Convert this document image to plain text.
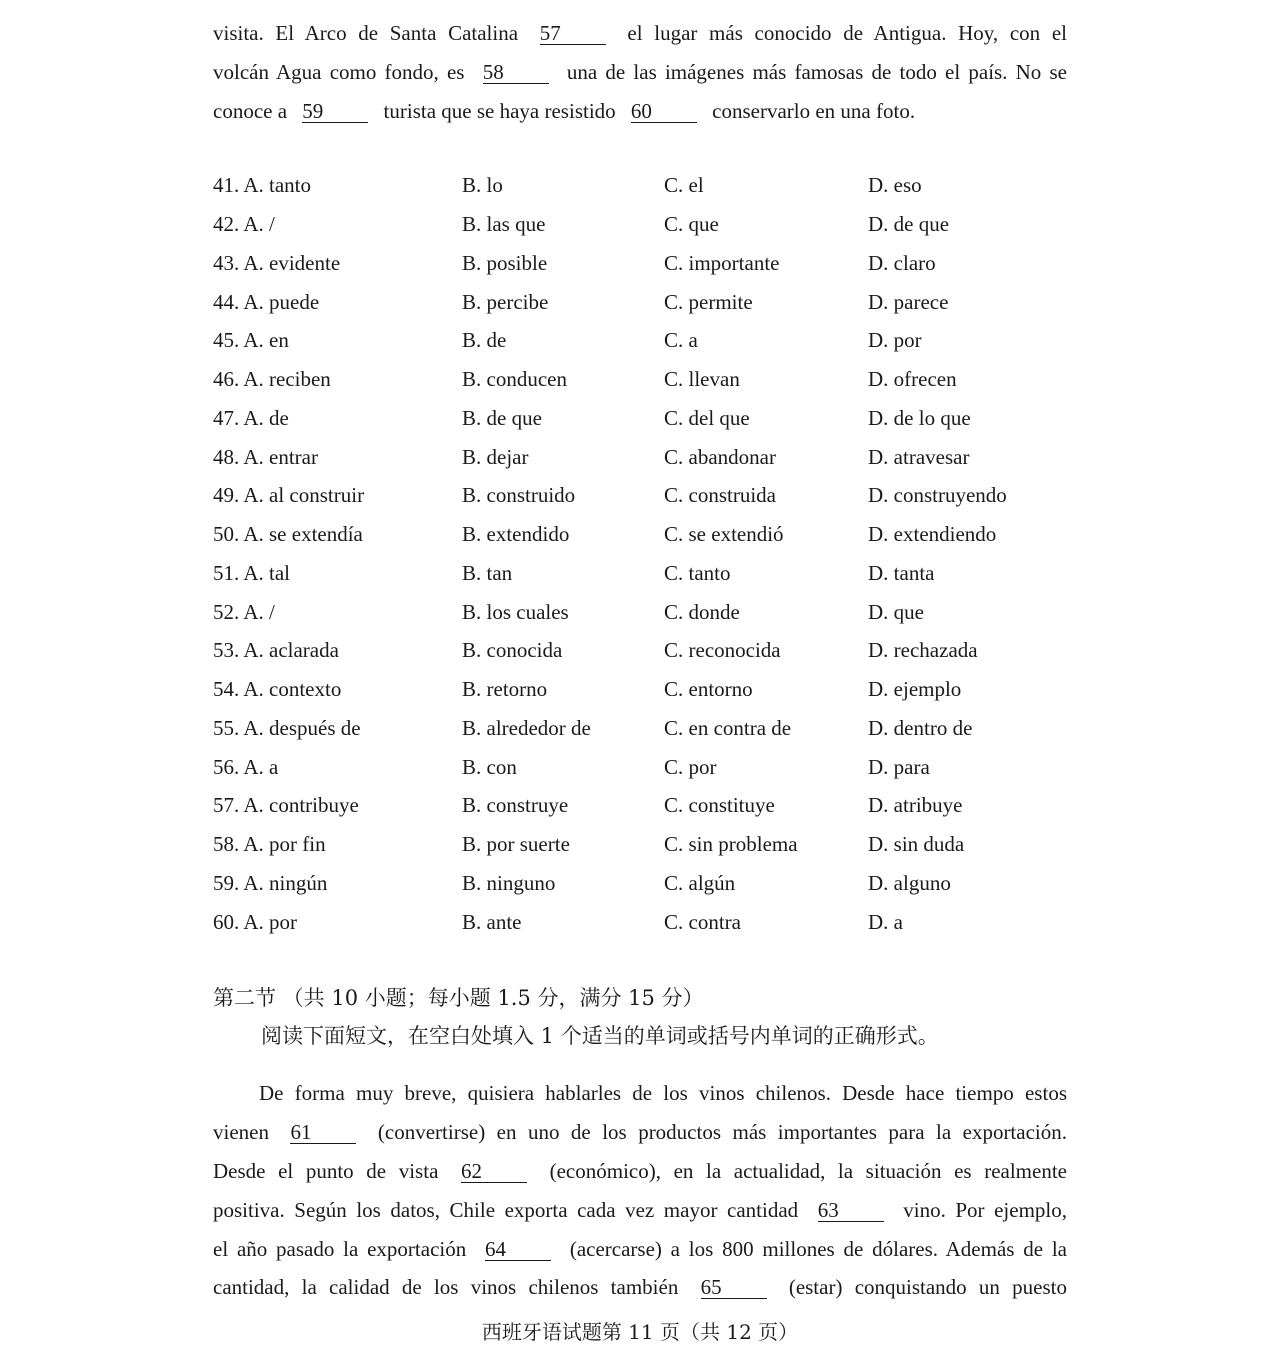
visita. El Arco de Santa Catalina 57	el lugar más conocido de Antigua. Hoy, con el
volcán Agua como fondo, es 58	una de las imágenes más famosas de todo el país. No se
conoce a 59	turista que se haya resistido 60	conservarlo en una foto.
41. A. tanto	B. lo	C. el	D. eso
42. A. /	B. las que	C. que	D. de que
43. A. evidente	B. posible	C. importante	D. claro
44. A. puede	B. percibe	C. permite	D. parece
45. A. en	B. de	C. a	D. por
46. A. reciben	B. conducen	C. llevan	D. ofrecen
47. A. de	B. de que	C. del que	D. de lo que
48. A. entrar	B. dejar	C. abandonar	D. atravesar
49. A. al construir	B. construido	C. construida	D. construyendo
50. A. se extendía	B. extendido	C. se extendió	D. extendiendo
51. A. tal	B. tan	C. tanto	D. tanta
52. A. /	B. los cuales	C. donde	D. que
53. A. aclarada	B. conocida	C. reconocida	D. rechazada
54. A. contexto	B. retorno	C. entorno	D. ejemplo
55. A. después de	B. alrededor de	C. en contra de	D. dentro de
56. A. a	B. con	C. por	D. para
57. A. contribuye	B. construye	C. constituye	D. atribuye
58. A. por fin	B. por suerte	C. sin problema	D. sin duda
59. A. ningún	B. ninguno	C. algún	D. alguno
60. A. por	B. ante	C. contra	D. a
第二节 （共 10 小题；每小题 1.5 分，满分 15 分）
阅读下面短文，在空白处填入 1 个适当的单词或括号内单词的正确形式。
De forma muy breve, quisiera hablarles de los vinos chilenos. Desde hace tiempo estos
vienen 61	(convertirse) en uno de los productos más importantes para la exportación.
Desde el punto de vista 62	(económico), en la actualidad, la situación es realmente
positiva. Según los datos, Chile exporta cada vez mayor cantidad 63	vino. Por ejemplo,
el año pasado la exportación 64	(acercarse) a los 800 millones de dólares. Además de la
cantidad, la calidad de los vinos chilenos también 65	(estar) conquistando un puesto
西班牙语试题第 11 页（共 12 页）
